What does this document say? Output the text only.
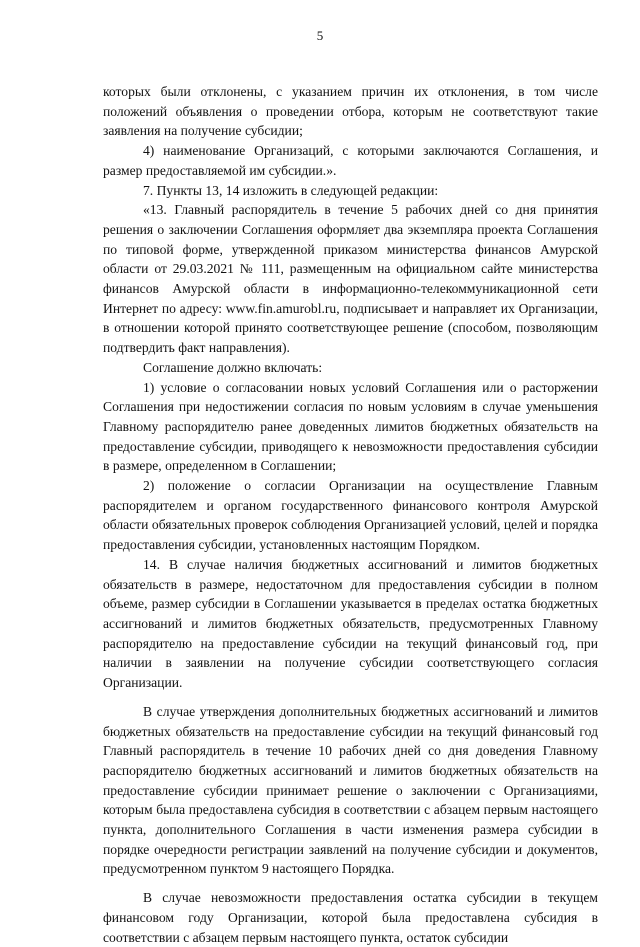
5

которых были отклонены, с указанием причин их отклонения, в том числе положений объявления о проведении отбора, которым не соответствуют такие заявления на получение субсидии;

4) наименование Организаций, с которыми заключаются Соглашения, и размер предоставляемой им субсидии.».

7. Пункты 13, 14 изложить в следующей редакции:

«13. Главный распорядитель в течение 5 рабочих дней со дня принятия решения о заключении Соглашения оформляет два экземпляра проекта Соглашения по типовой форме, утвержденной приказом министерства финансов Амурской области от 29.03.2021 № 111, размещенным на официальном сайте министерства финансов Амурской области в информационно-телекоммуникационной сети Интернет по адресу: www.fin.amurobl.ru, подписывает и направляет их Организации, в отношении которой принято соответствующее решение (способом, позволяющим подтвердить факт направления).

Соглашение должно включать:

1) условие о согласовании новых условий Соглашения или о расторжении Соглашения при недостижении согласия по новым условиям в случае уменьшения Главному распорядителю ранее доведенных лимитов бюджетных обязательств на предоставление субсидии, приводящего к невозможности предоставления субсидии в размере, определенном в Соглашении;

2) положение о согласии Организации на осуществление Главным распорядителем и органом государственного финансового контроля Амурской области обязательных проверок соблюдения Организацией условий, целей и порядка предоставления субсидии, установленных настоящим Порядком.

14. В случае наличия бюджетных ассигнований и лимитов бюджетных обязательств в размере, недостаточном для предоставления субсидии в полном объеме, размер субсидии в Соглашении указывается в пределах остатка бюджетных ассигнований и лимитов бюджетных обязательств, предусмотренных Главному распорядителю на предоставление субсидии на текущий финансовый год, при наличии в заявлении на получение субсидии соответствующего согласия Организации.

В случае утверждения дополнительных бюджетных ассигнований и лимитов бюджетных обязательств на предоставление субсидии на текущий финансовый год Главный распорядитель в течение 10 рабочих дней со дня доведения Главному распорядителю бюджетных ассигнований и лимитов бюджетных обязательств на предоставление субсидии принимает решение о заключении с Организациями, которым была предоставлена субсидия в соответствии с абзацем первым настоящего пункта, дополнительного Соглашения в части изменения размера субсидии в порядке очередности регистрации заявлений на получение субсидии и документов, предусмотренном пунктом 9 настоящего Порядка.

В случае невозможности предоставления остатка субсидии в текущем финансовом году Организации, которой была предоставлена субсидия в соответствии с абзацем первым настоящего пункта, остаток субсидии
